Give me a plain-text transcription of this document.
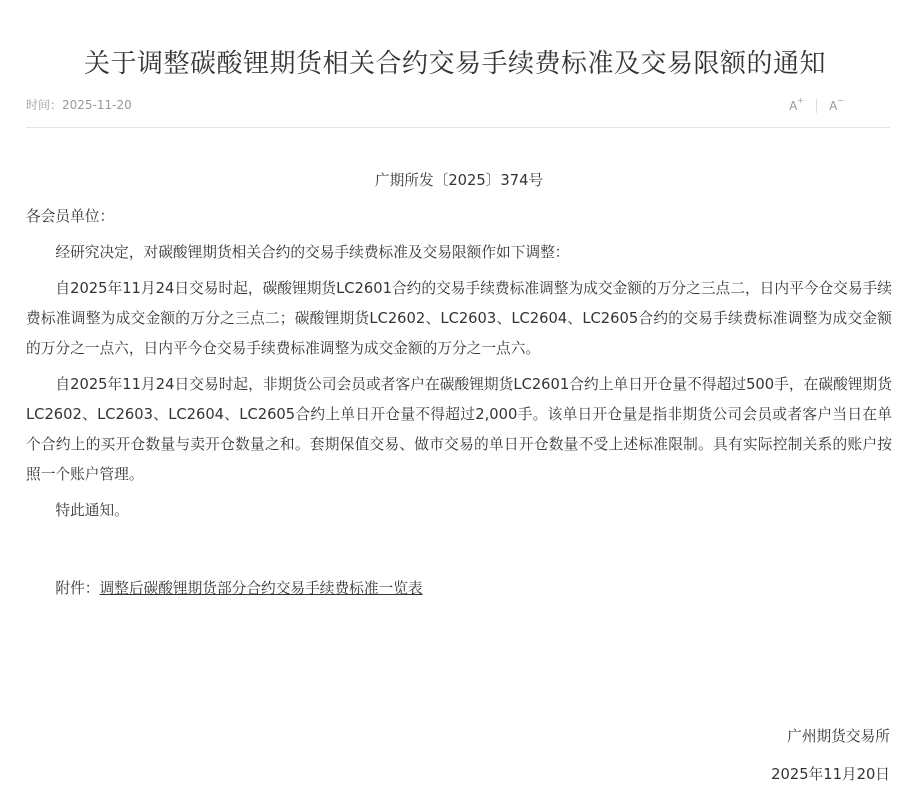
关于调整碳酸锂期货相关合约交易手续费标准及交易限额的通知
时间：2025-11-20	A+	A−

广期所发〔2025〕374号

各会员单位：

经研究决定，对碳酸锂期货相关合约的交易手续费标准及交易限额作如下调整：

自2025年11月24日交易时起，碳酸锂期货LC2601合约的交易手续费标准调整为成交金额的万分之三点二，日内平今仓交易手续费标准调整为成交金额的万分之三点二；碳酸锂期货LC2602、LC2603、LC2604、LC2605合约的交易手续费标准调整为成交金额的万分之一点六，日内平今仓交易手续费标准调整为成交金额的万分之一点六。

自2025年11月24日交易时起，非期货公司会员或者客户在碳酸锂期货LC2601合约上单日开仓量不得超过500手，在碳酸锂期货LC2602、LC2603、LC2604、LC2605合约上单日开仓量不得超过2,000手。该单日开仓量是指非期货公司会员或者客户当日在单个合约上的买开仓数量与卖开仓数量之和。套期保值交易、做市交易的单日开仓数量不受上述标准限制。具有实际控制关系的账户按照一个账户管理。

特此通知。

附件：调整后碳酸锂期货部分合约交易手续费标准一览表

广州期货交易所
2025年11月20日
